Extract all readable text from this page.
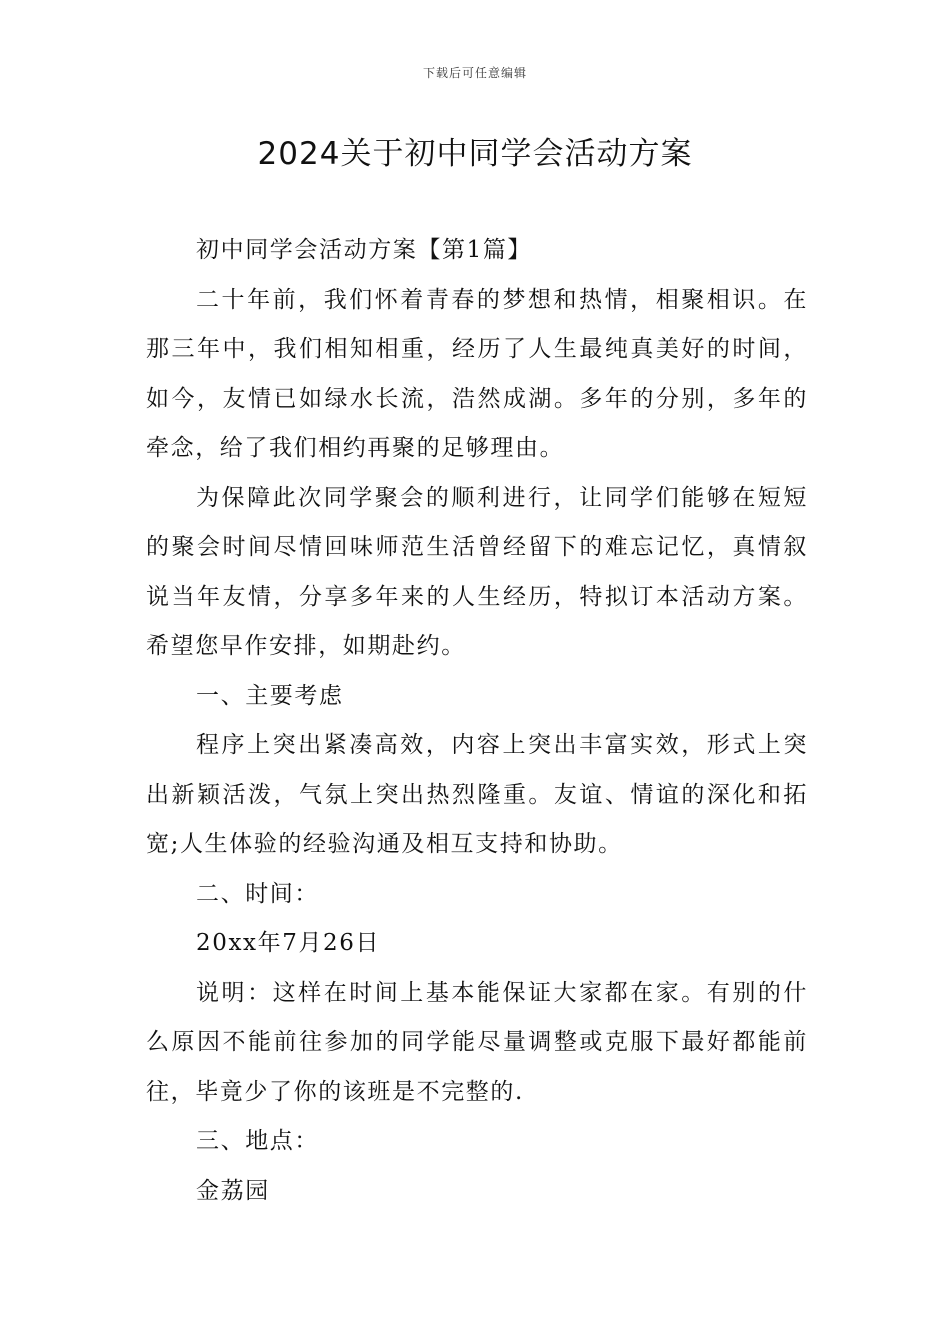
下载后可任意编辑
2024关于初中同学会活动方案

初中同学会活动方案【第1篇】

二十年前，我们怀着青春的梦想和热情，相聚相识。在那三年中，我们相知相重，经历了人生最纯真美好的时间，如今，友情已如绿水长流，浩然成湖。多年的分别，多年的牵念，给了我们相约再聚的足够理由。

为保障此次同学聚会的顺利进行，让同学们能够在短短的聚会时间尽情回味师范生活曾经留下的难忘记忆，真情叙说当年友情，分享多年来的人生经历，特拟订本活动方案。希望您早作安排，如期赴约。

一、主要考虑

程序上突出紧凑高效，内容上突出丰富实效，形式上突出新颖活泼，气氛上突出热烈隆重。友谊、情谊的深化和拓宽;人生体验的经验沟通及相互支持和协助。

二、时间：

20xx年7月26日

说明：这样在时间上基本能保证大家都在家。有别的什么原因不能前往参加的同学能尽量调整或克服下最好都能前往，毕竟少了你的该班是不完整的.

三、地点：

金荔园
